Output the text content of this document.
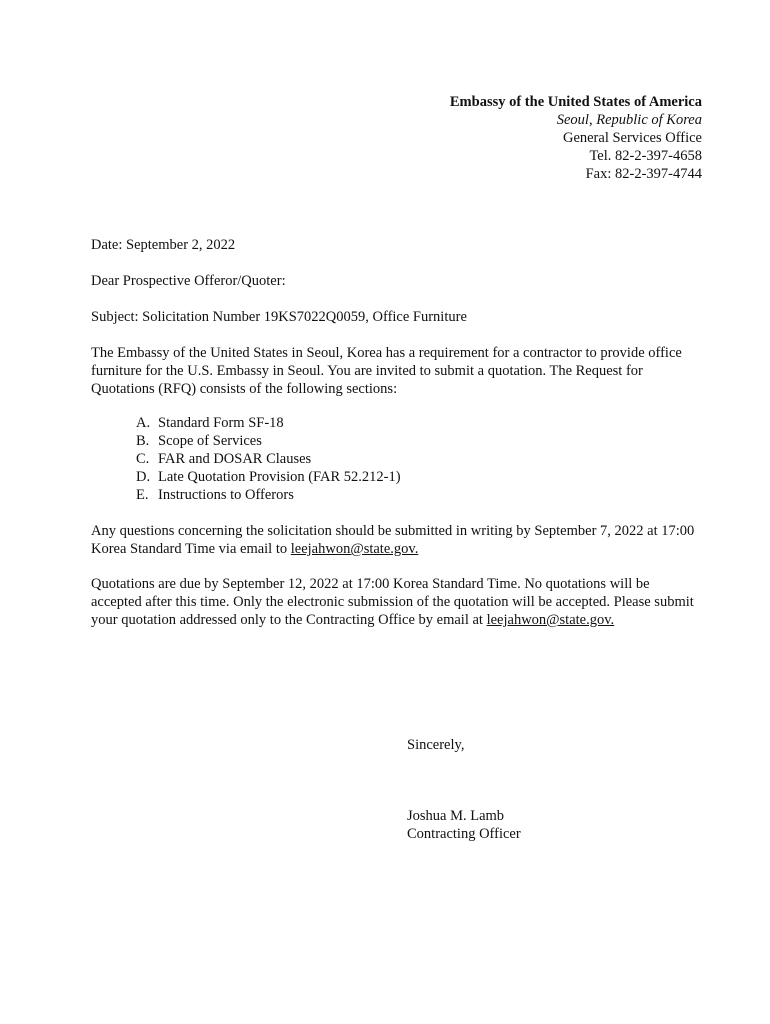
Embassy of the United States of America
Seoul, Republic of Korea
General Services Office
Tel. 82-2-397-4658
Fax: 82-2-397-4744
Date: September 2, 2022
Dear Prospective Offeror/Quoter:
Subject: Solicitation Number 19KS7022Q0059, Office Furniture
The Embassy of the United States in Seoul, Korea has a requirement for a contractor to provide office furniture for the U.S. Embassy in Seoul. You are invited to submit a quotation. The Request for Quotations (RFQ) consists of the following sections:
A. Standard Form SF-18
B. Scope of Services
C. FAR and DOSAR Clauses
D. Late Quotation Provision (FAR 52.212-1)
E. Instructions to Offerors
Any questions concerning the solicitation should be submitted in writing by September 7, 2022 at 17:00 Korea Standard Time via email to leejahwon@state.gov.
Quotations are due by September 12, 2022 at 17:00 Korea Standard Time. No quotations will be accepted after this time. Only the electronic submission of the quotation will be accepted. Please submit your quotation addressed only to the Contracting Office by email at leejahwon@state.gov.
Sincerely,
Joshua M. Lamb
Contracting Officer
